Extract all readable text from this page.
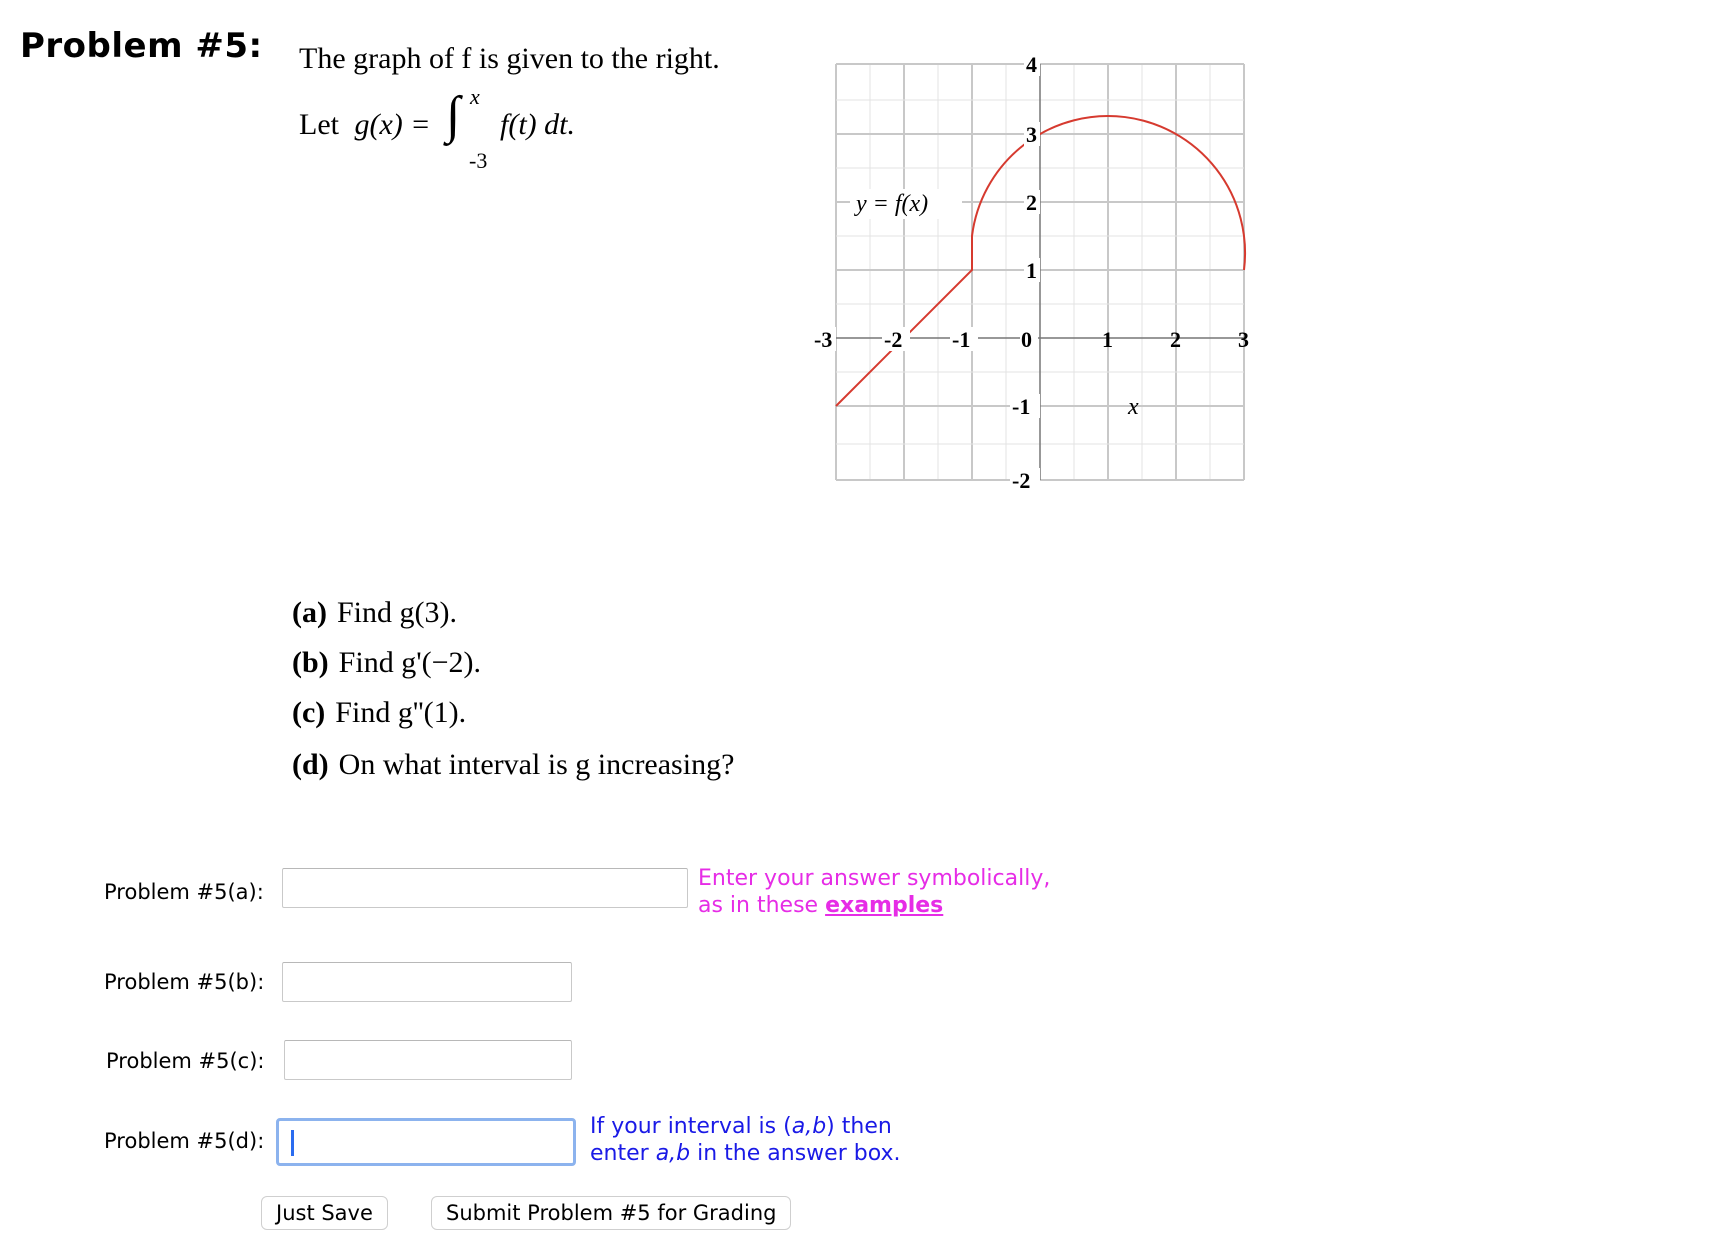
Problem #5: The graph of f is given to the right.
Let g(x) = ∫ x
-3
f(t) dt.
-3 -2 -1 0	1	2	3
4
3
2
1
-1
-2
y = f(x)
x
(a) Find g(3).
(b) Find g'(−2).
(c) Find g''(1).
(d) On what interval is g increasing?
Problem #5(a):
Enter your answer symbolically,
as in these examples
Problem #5(b):
Problem #5(c):
Problem #5(d):
If your interval is (a,b) then
enter a,b in the answer box.
Just Save	Submit Problem #5 for Grading
